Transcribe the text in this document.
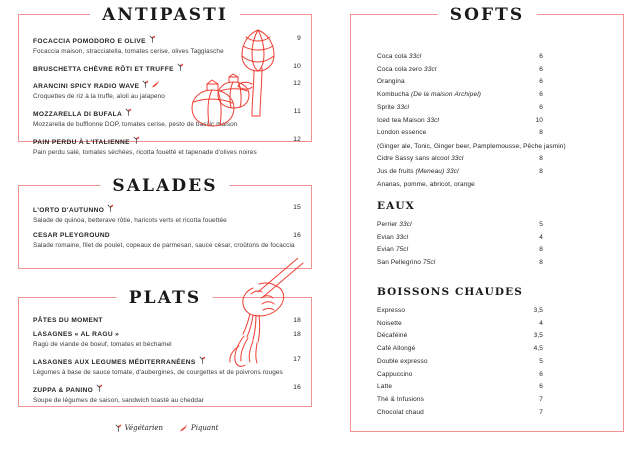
ANTIPASTI
FOCACCIA POMODORO E OLIVE	9
Focaccia maison, stracciatella, tomates cerise, olives Taggiasche
BRUSCHETTA CHÈVRE RÔTI ET TRUFFE	10
ARANCINI SPICY RADIO WAVE	12
Croquettes de riz à la truffe, aïoli au jalapeno
MOZZARELLA DI BUFALA	11
Mozzarella de bufflonne DOP, tomates cerise, pesto de basilic maison
PAIN PERDU À L'ITALIENNE	12
Pain perdu salé, tomates séchées, ricotta fouetté et tapenade d'olives noires
SALADES
L'ORTO D'AUTUNNO	15
Salade de quinoa, betterave rôtie, haricots verts et ricotta fouettée
CESAR PLEYGROUND	16
Salade romaine, filet de poulet, copeaux de parmesan, sauce césar, croûtons de focaccia
PLATS
PÂTES DU MOMENT	18
LASAGNES « AL RAGU »	18
Ragù de viande de boeuf, tomates et béchamel
LASAGNES AUX LEGUMES MÉDITERRANÉENS	17
Légumes à base de sauce tomate, d'aubergines, de courgettes et de poivrons rouges
ZUPPA & PANINO	16
Soupe de légumes de saison, sandwich toasté au cheddar
Végétarien	Piquant
SOFTS
Coca cola 33cl	6
Coca cola zero 33cl	6
Orangina	6
Kombucha (De la maison Archipel)	6
Sprite 33cl	6
Iced tea Maison 33cl	10
London essence	8
(Ginger ale, Tonic, Ginger beer, Pamplemousse, Pêche jasmin)
Cidre Sassy sans alcool 33cl	8
Jus de fruits (Meneau) 33cl	8
Ananas, pomme, abricot, orange
EAUX
Perrier 33cl	5
Evian 33cl	4
Evian 75cl	8
San Pellegrino 75cl	8
BOISSONS CHAUDES
Expresso	3,5
Noisette	4
Décaféiné	3,5
Café Allongé	4,5
Double expresso	5
Cappuccino	6
Latte	6
Thé & Infusions	7
Chocolat chaud	7
